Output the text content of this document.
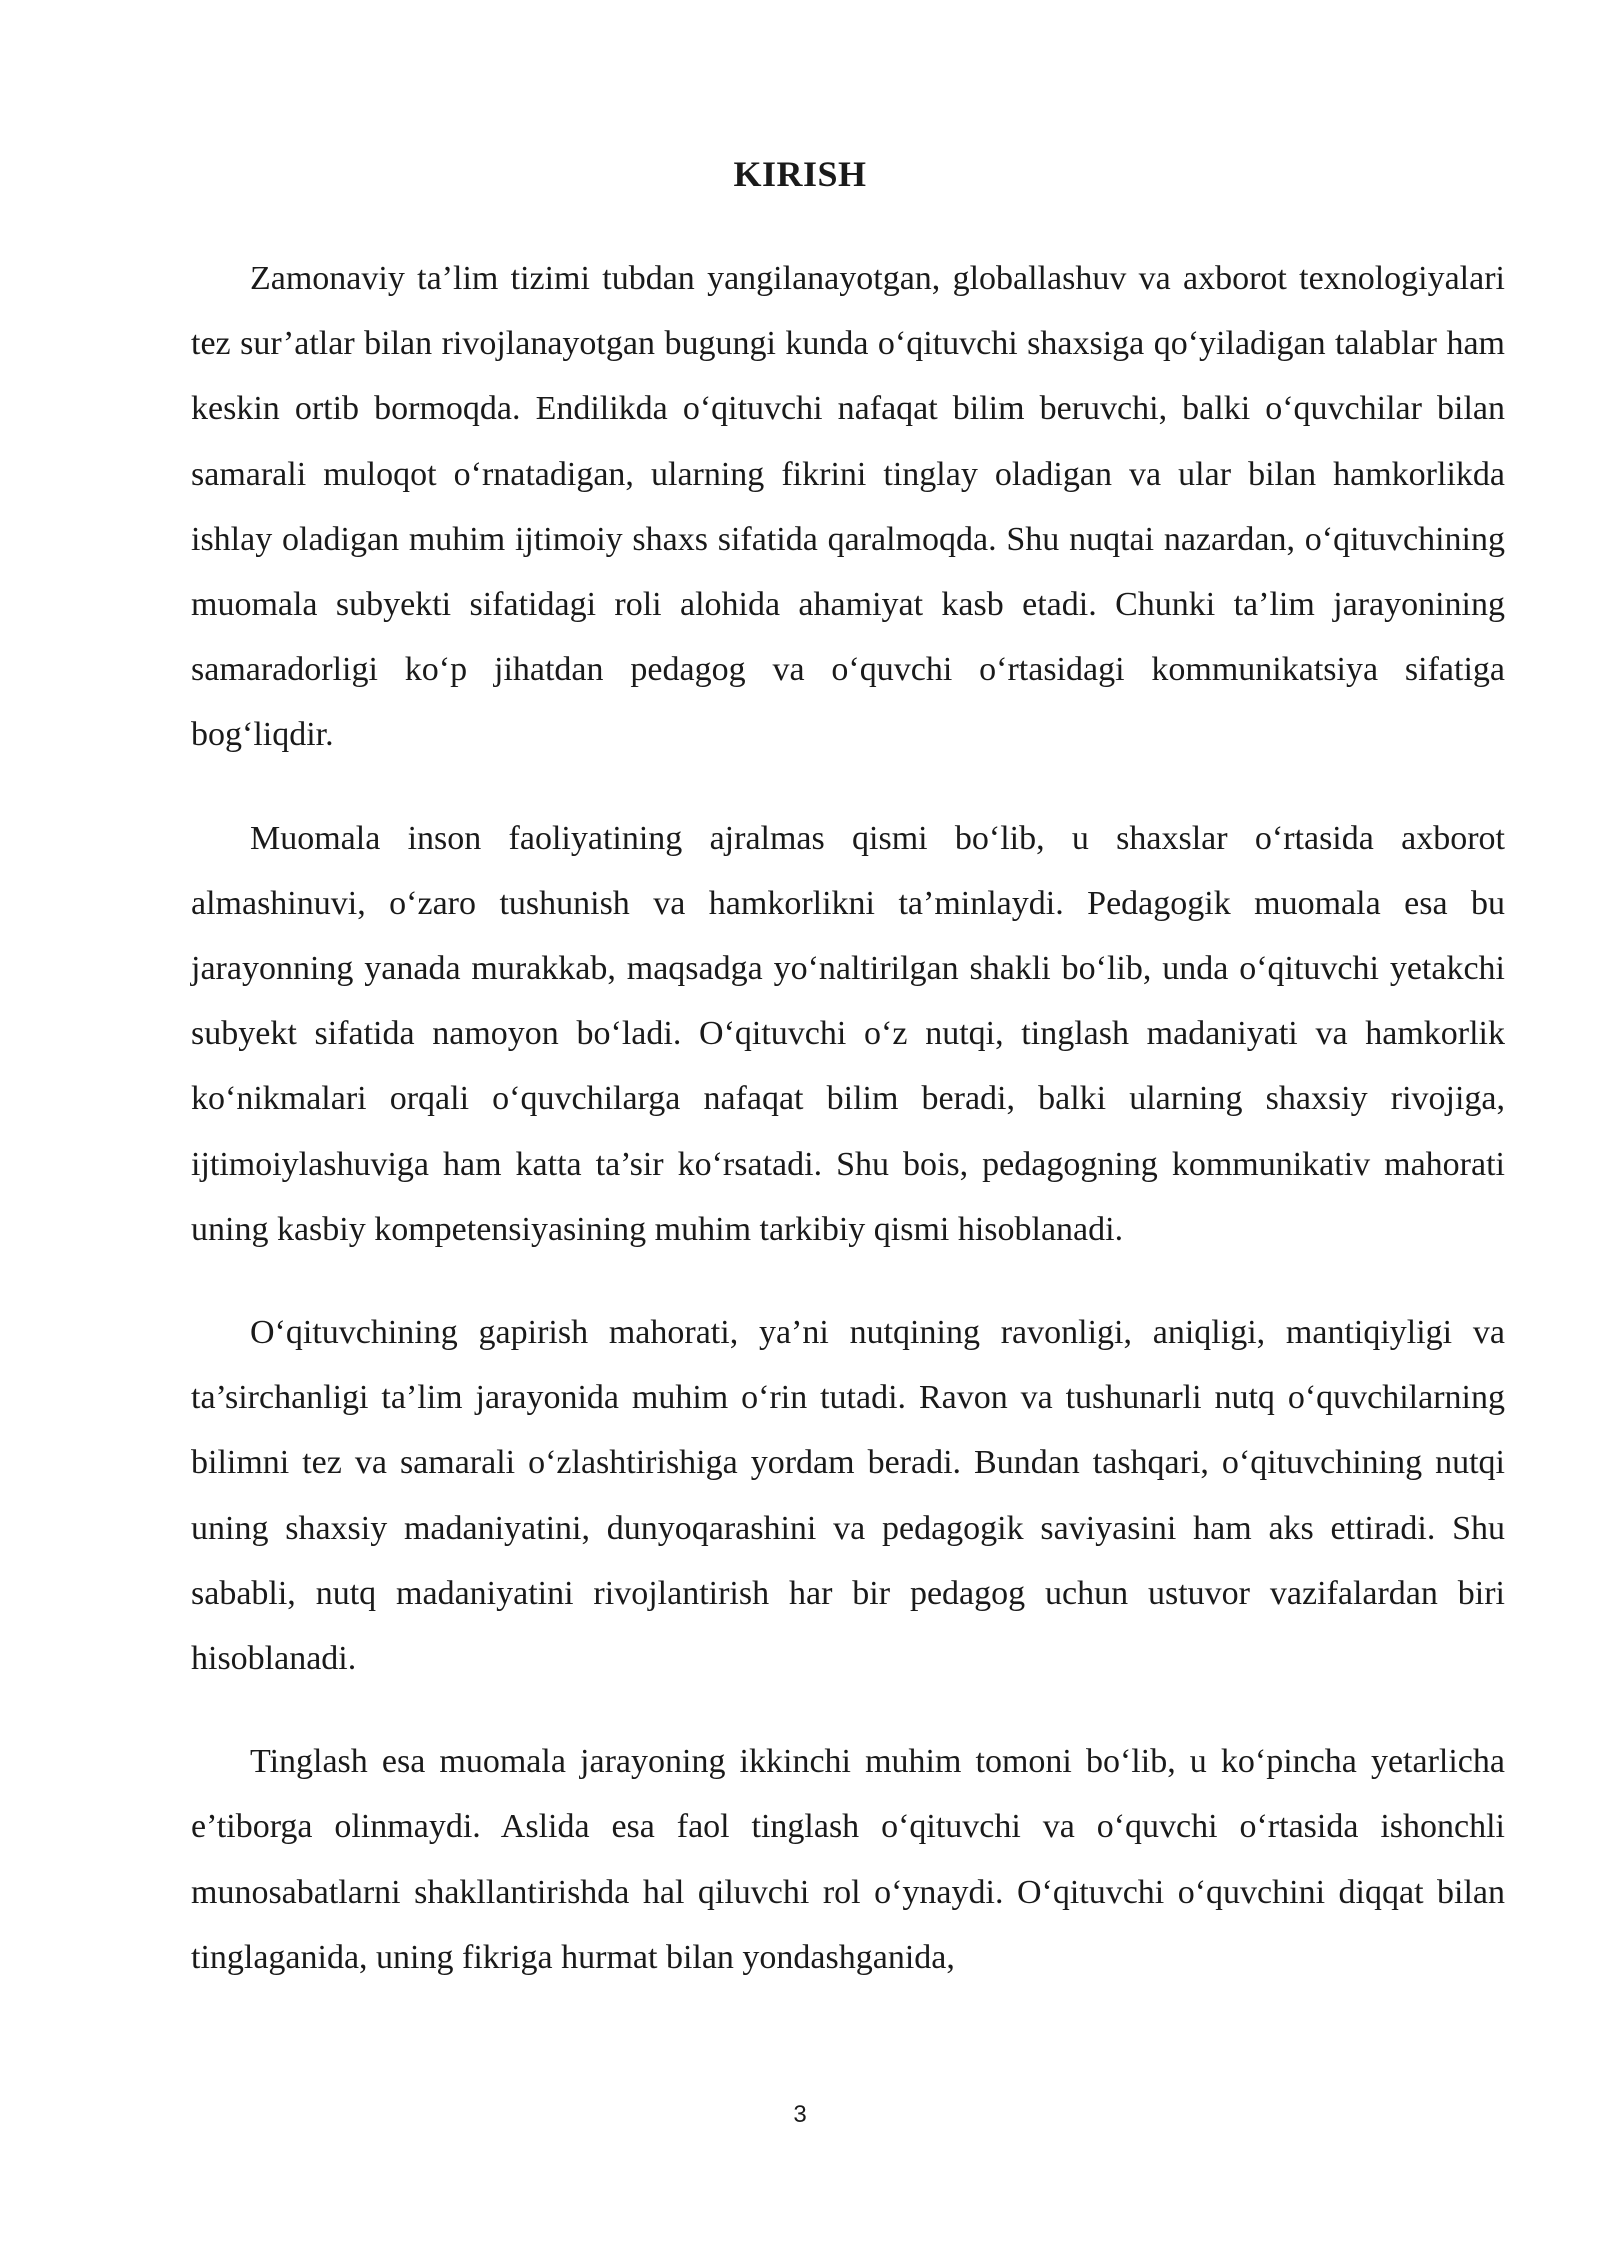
KIRISH

Zamonaviy ta’lim tizimi tubdan yangilanayotgan, globallashuv va axborot texnologiyalari tez sur’atlar bilan rivojlanayotgan bugungi kunda o‘qituvchi shaxsiga qo‘yiladigan talablar ham keskin ortib bormoqda. Endilikda o‘qituvchi nafaqat bilim beruvchi, balki o‘quvchilar bilan samarali muloqot o‘rnatadigan, ularning fikrini tinglay oladigan va ular bilan hamkorlikda ishlay oladigan muhim ijtimoiy shaxs sifatida qaralmoqda. Shu nuqtai nazardan, o‘qituvchining muomala subyekti sifatidagi roli alohida ahamiyat kasb etadi. Chunki ta’lim jarayonining samaradorligi ko‘p jihatdan pedagog va o‘quvchi o‘rtasidagi kommunikatsiya sifatiga bog‘liqdir.

Muomala inson faoliyatining ajralmas qismi bo‘lib, u shaxslar o‘rtasida axborot almashinuvi, o‘zaro tushunish va hamkorlikni ta’minlaydi. Pedagogik muomala esa bu jarayonning yanada murakkab, maqsadga yo‘naltirilgan shakli bo‘lib, unda o‘qituvchi yetakchi subyekt sifatida namoyon bo‘ladi. O‘qituvchi o‘z nutqi, tinglash madaniyati va hamkorlik ko‘nikmalari orqali o‘quvchilarga nafaqat bilim beradi, balki ularning shaxsiy rivojiga, ijtimoiylashuviga ham katta ta’sir ko‘rsatadi. Shu bois, pedagogning kommunikativ mahorati uning kasbiy kompetensiyasining muhim tarkibiy qismi hisoblanadi.

O‘qituvchining gapirish mahorati, ya’ni nutqining ravonligi, aniqligi, mantiqiyligi va ta’sirchanligi ta’lim jarayonida muhim o‘rin tutadi. Ravon va tushunarli nutq o‘quvchilarning bilimni tez va samarali o‘zlashtirishiga yordam beradi. Bundan tashqari, o‘qituvchining nutqi uning shaxsiy madaniyatini, dunyoqarashini va pedagogik saviyasini ham aks ettiradi. Shu sababli, nutq madaniyatini rivojlantirish har bir pedagog uchun ustuvor vazifalardan biri hisoblanadi.

Tinglash esa muomala jarayoning ikkinchi muhim tomoni bo‘lib, u ko‘pincha yetarlicha e’tiborga olinmaydi. Aslida esa faol tinglash o‘qituvchi va o‘quvchi o‘rtasida ishonchli munosabatlarni shakllantirishda hal qiluvchi rol o‘ynaydi. O‘qituvchi o‘quvchini diqqat bilan tinglaganida, uning fikriga hurmat bilan yondashganida,

3
